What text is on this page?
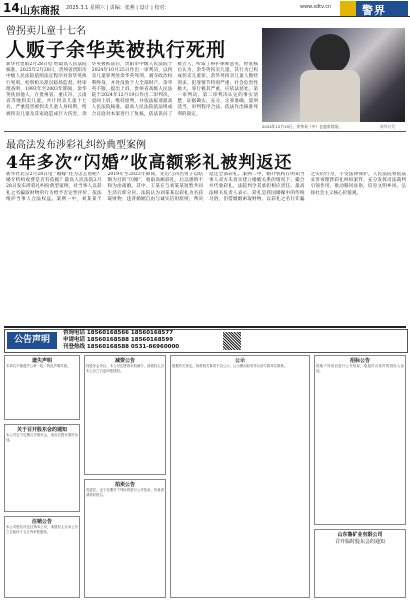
14 山东商报 2025.3.1 星期六 | 责编：张燕 | 设计 | 校对：	www.sdtv.cn	警界
曾拐卖儿童十七名
人贩子余华英被执行死刑
新华社贵阳2月28日电 经最高人民法院核准，2025年2月28日，贵州省贵阳市中级人民法院依照法定程序对余华英执行死刑。检察机关派员临场监督。经审理查明，1993年至2003年期间，余华英伙同他人，在贵州省、重庆市、云南省等地拐卖儿童，共计拐卖儿童十七名，严重侵害被拐卖儿童人身权利，给被拐卖儿童及其家庭造成巨大伤害。余华英被抓获后，贵阳市中级人民法院于2024年10月25日作出一审判决，以拐卖儿童罪判处余华英死刑，剥夺政治权利终身，并处没收个人全部财产。余华英不服，提出上诉。贵州省高级人民法院于2024年12月19日作出二审判决，驳回上诉，维持原判，并依法报请最高人民法院核准。最高人民法院依法组成合议庭对本案进行了复核，依法讯问了被告人，听取了辩护律师意见，经复核后认为，余华英拐卖儿童，其行为已构成拐卖儿童罪。余华英拐卖儿童人数特别多，犯罪情节特别严重，社会危害性极大，罪行极其严重，应依法惩处。第一审判决、第二审判决认定的事实清楚，证据确实、充分，定罪准确，量刑适当，审判程序合法。依法作出核准死刑的裁定。
2024年12月19日，余华英（中）在庭审现场。	新华社发
最高法发布涉彩礼纠纷典型案例
4年多次“闪婚”收高额彩礼被判返还
新华社北京2月28日电 “婚嫁”往为怎么看呢？婚介机构收费是否有依据？最高人民法院2月28日发布涉彩礼纠纷典型案例，对当事人以彩礼之名骗取财物的行为给予否定性评价，依法维护当事人合法权益。案例一中，刘某某于2019年至2023年期间，先后与四名男子以结婚为目的“闪婚”，收取高额彩礼，后以感情不和为由离婚。其中，王某在与刘某某短暂共同生活后即分居，法院认为刘某某以彩礼为名获取财物，违背婚姻自由与诚实信用原则，判决返还全部彩礼。案例二中，婚介机构在明知当事人双方未真实建立婚姻关系的情况下，撮合并代收彩礼，法院判令其承担相应责任。最高法相关负责人表示，彩礼是我国婚嫁中的传统习俗，但借婚姻索取财物、以彩礼之名行诈骗之实的行为，不受法律保护。人民法院将依法妥善审理涉彩礼纠纷案件，充分发挥司法裁判引领作用，推动移风易俗，培育文明乡风，弘扬社会主义核心价值观。
公告声明
咨询电话 18560168566 18560168577
申请电话 18560168588 18560168599
刊登热线 18560168588 0531-86960000
遗失声明
本单位不慎遗失公章一枚，特此声明作废。
关于召开股东会的通知
本公司定于近期召开股东会，请各位股东准时参加。
注销公告
本公司股东决定注销本公司，请债权人自本公告之日起四十五日内申报债权。
减资公告
经股东会决议，本公司注册资本拟减少，请债权人自本公告之日起申报债权。
拍卖公告
受委托，定于近期对下列标的进行公开拍卖，有意者请准时报名。
公示
根据有关规定，现将相关事项予以公示，公示期间如有异议请与我单位联系。
招标公告
现就下列项目进行公开招标，欢迎符合条件的投标人参加。
山东鲁矿业有限公司
召开临时股东会的通知
